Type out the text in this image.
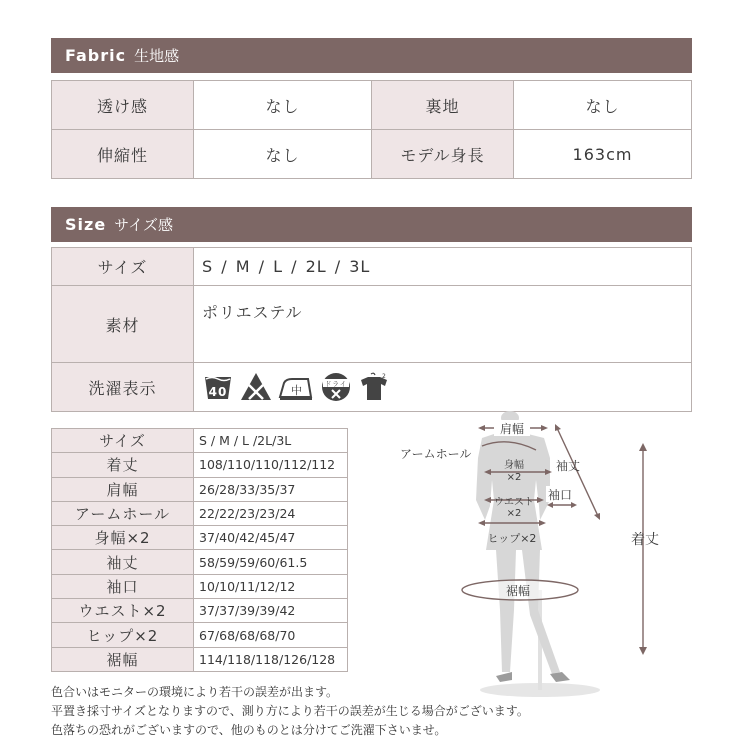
Fabric 生地感
透け感	なし	裏地	なし
伸縮性	なし	モデル身長	163cm
Size サイズ感
サイズ	S / M / L / 2L / 3L
素材	ポリエステル
洗濯表示	40 中 ドライ
2
サイズ	S / M / L /2L/3L
着丈	108/110/110/112/112
肩幅	26/28/33/35/37
アームホール	22/22/23/23/24
身幅×2	37/40/42/45/47
袖丈	58/59/59/60/61.5
袖口	10/10/11/12/12
ウエスト×2	37/37/39/39/42
ヒップ×2	67/68/68/68/70
裾幅	114/118/118/126/128
肩幅
アームホール
身幅
×2
袖丈
袖口
ウエスト
×2
ヒップ×2
裾幅
着丈
色合いはモニターの環境により若干の誤差が出ます。
平置き採寸サイズとなりますので、測り方により若干の誤差が生じる場合がございます。
色落ちの恐れがございますので、他のものとは分けてご洗濯下さいませ。
